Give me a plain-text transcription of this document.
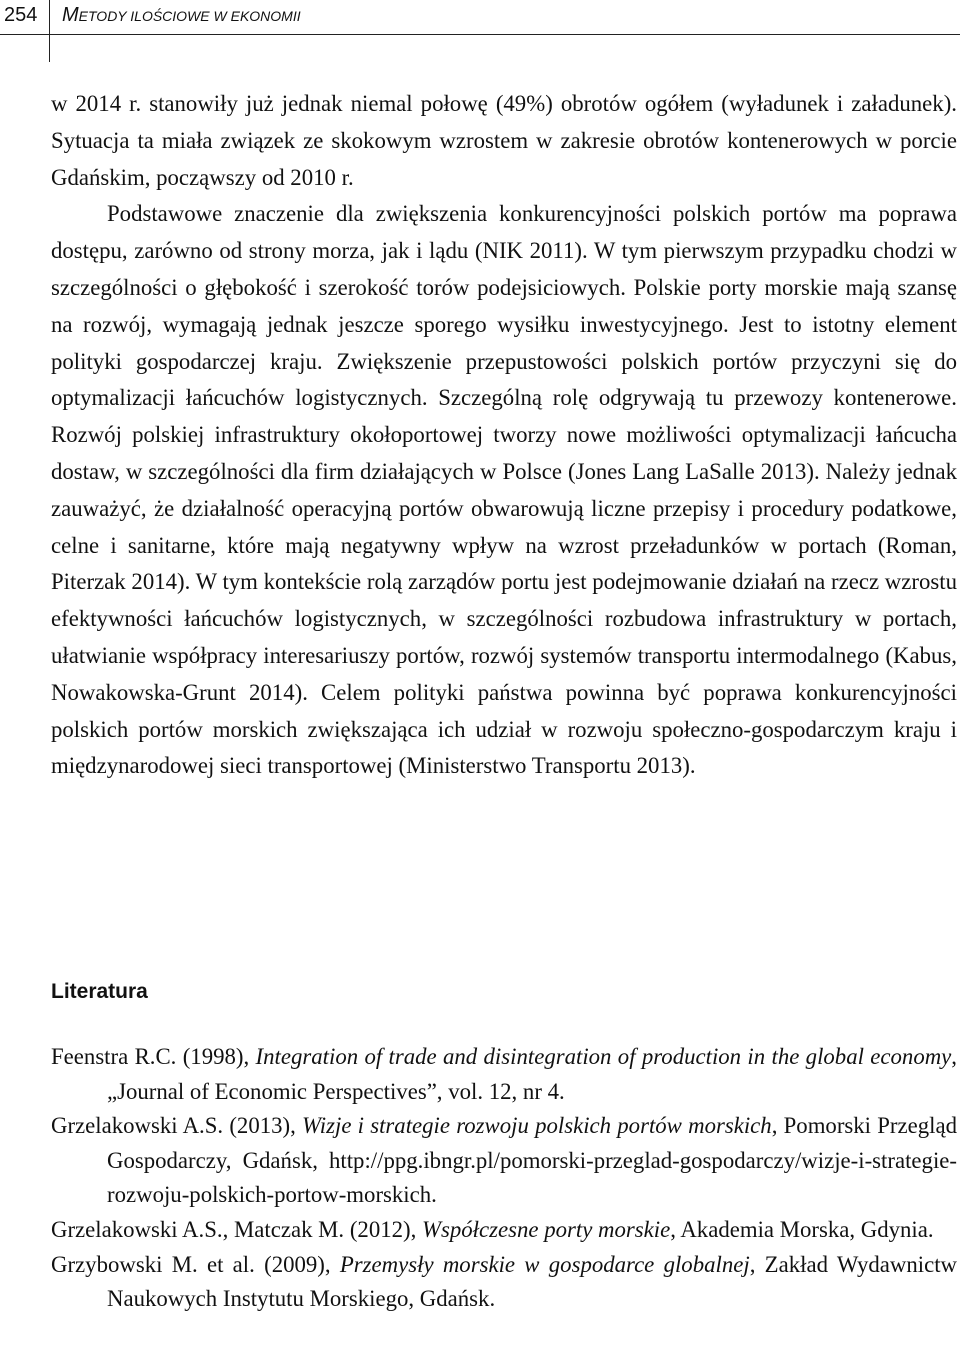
254 METODY ILOŚCIOWE W EKONOMII

w 2014 r. stanowiły już jednak niemal połowę (49%) obrotów ogółem (wyładunek i załadunek). Sytuacja ta miała związek ze skokowym wzrostem w zakresie obrotów kontenerowych w porcie Gdańskim, począwszy od 2010 r.

Podstawowe znaczenie dla zwiększenia konkurencyjności polskich portów ma poprawa dostępu, zarówno od strony morza, jak i lądu (NIK 2011). W tym pierwszym przypadku chodzi w szczególności o głębokość i szerokość torów podejsiciowych. Polskie porty morskie mają szansę na rozwój, wymagają jednak jeszcze sporego wysiłku inwestycyjnego. Jest to istotny element polityki gospodarczej kraju. Zwiększenie przepustowości polskich portów przyczyni się do optymalizacji łańcuchów logistycznych. Szczególną rolę odgrywają tu przewozy kontenerowe. Rozwój polskiej infrastruktury okołoportowej tworzy nowe możliwości optymalizacji łańcucha dostaw, w szczególności dla firm działających w Polsce (Jones Lang LaSalle 2013). Należy jednak zauważyć, że działalność operacyjną portów obwarowują liczne przepisy i procedury podatkowe, celne i sanitarne, które mają negatywny wpływ na wzrost przeładunków w portach (Roman, Piterzak 2014). W tym kontekście rolą zarządów portu jest podejmowanie działań na rzecz wzrostu efektywności łańcuchów logistycznych, w szczególności rozbudowa infrastruktury w portach, ułatwianie współpracy interesariuszy portów, rozwój systemów transportu intermodalnego (Kabus, Nowakowska-Grunt 2014). Celem polityki państwa powinna być poprawa konkurencyjności polskich portów morskich zwiększająca ich udział w rozwoju społeczno-gospodarczym kraju i międzynarodowej sieci transportowej (Ministerstwo Transportu 2013).

Literatura

Feenstra R.C. (1998), Integration of trade and disintegration of production in the global economy, „Journal of Economic Perspectives”, vol. 12, nr 4.

Grzelakowski A.S. (2013), Wizje i strategie rozwoju polskich portów morskich, Pomorski Przegląd Gospodarczy, Gdańsk, http://ppg.ibngr.pl/pomorski-przeglad-gospodarczy/wizje-i-strategie-rozwoju-polskich-portow-morskich.

Grzelakowski A.S., Matczak M. (2012), Współczesne porty morskie, Akademia Morska, Gdynia.

Grzybowski M. et al. (2009), Przemysły morskie w gospodarce globalnej, Zakład Wydawnictw Naukowych Instytutu Morskiego, Gdańsk.
